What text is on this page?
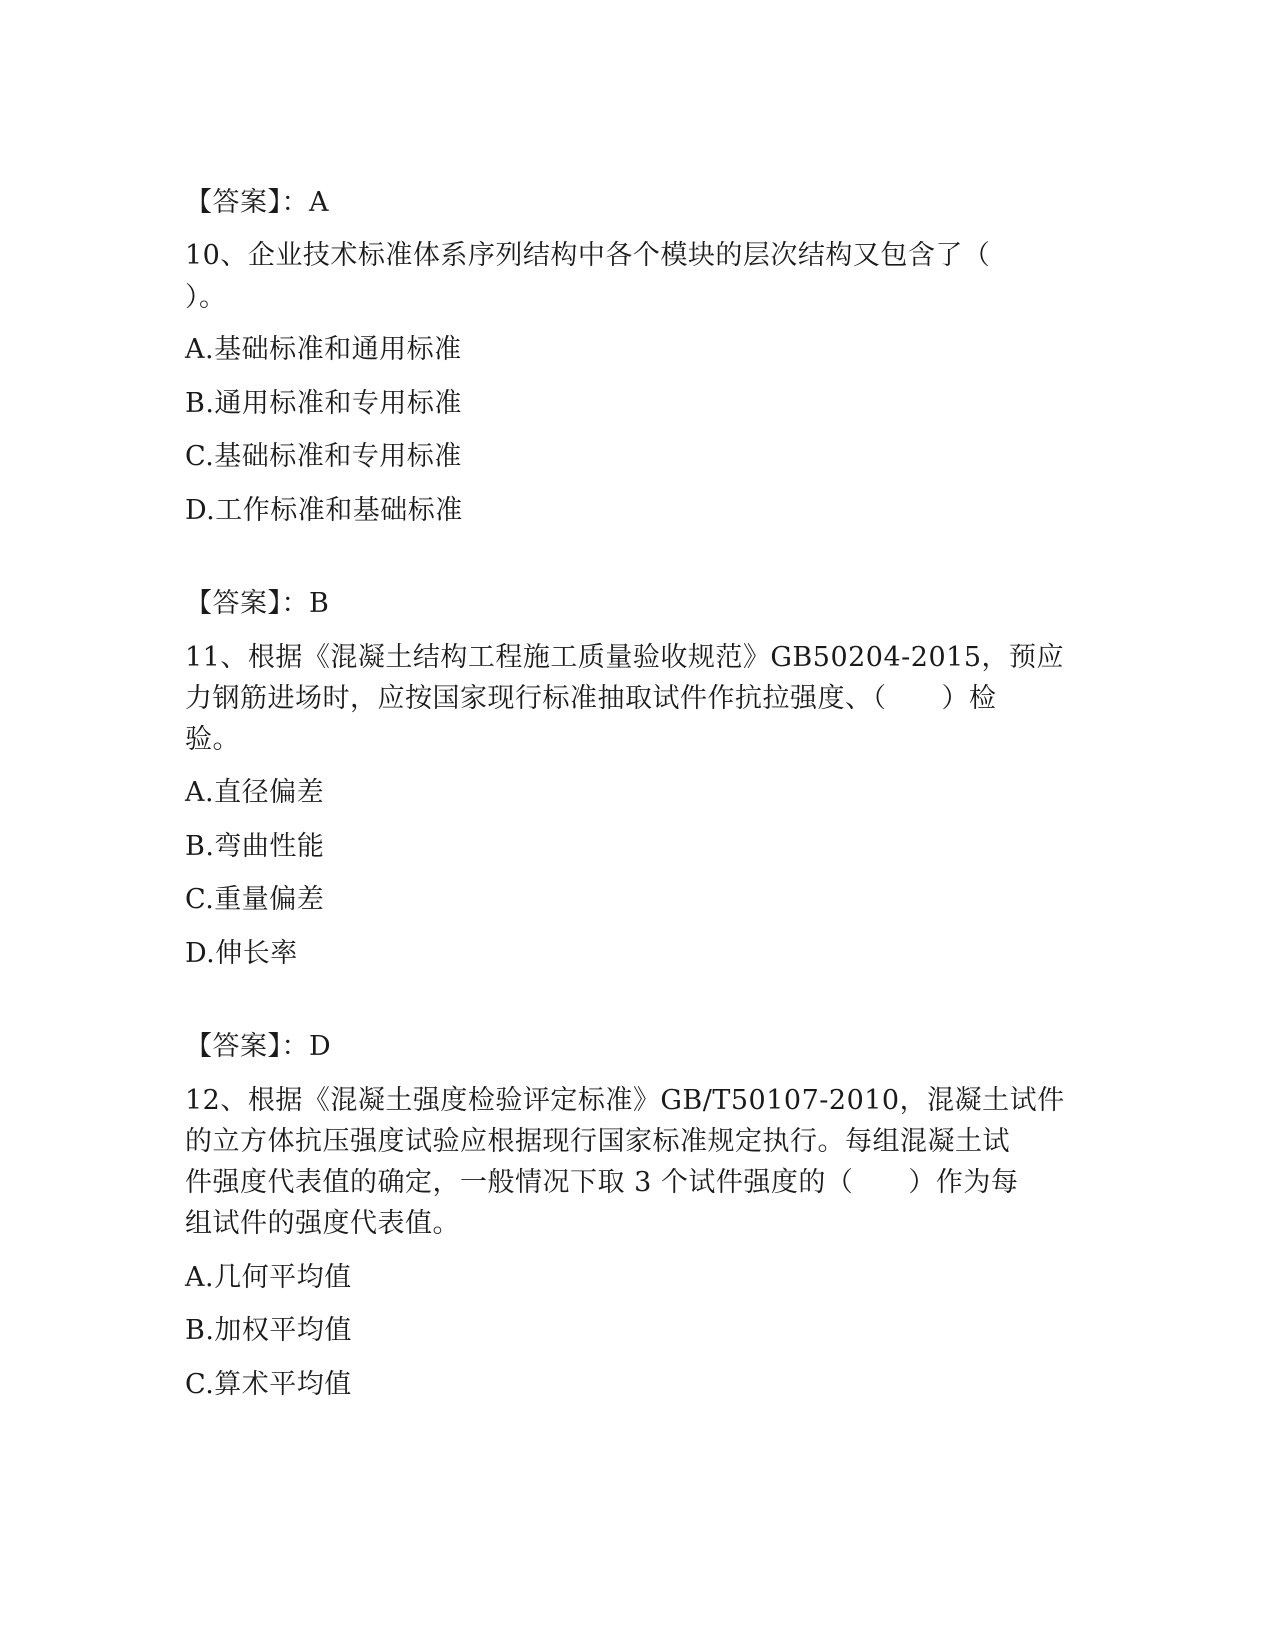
【答案】：A
10、企业技术标准体系序列结构中各个模块的层次结构又包含了（
）。
A.基础标准和通用标准
B.通用标准和专用标准
C.基础标准和专用标准
D.工作标准和基础标准
【答案】：B
11、根据《混凝土结构工程施工质量验收规范》GB50204-2015，预应
力钢筋进场时，应按国家现行标准抽取试件作抗拉强度、（　　）检
验。
A.直径偏差
B.弯曲性能
C.重量偏差
D.伸长率
【答案】：D
12、根据《混凝土强度检验评定标准》GB/T50107-2010，混凝土试件
的立方体抗压强度试验应根据现行国家标准规定执行。每组混凝土试
件强度代表值的确定，一般情况下取 3 个试件强度的（　　）作为每
组试件的强度代表值。
A.几何平均值
B.加权平均值
C.算术平均值
